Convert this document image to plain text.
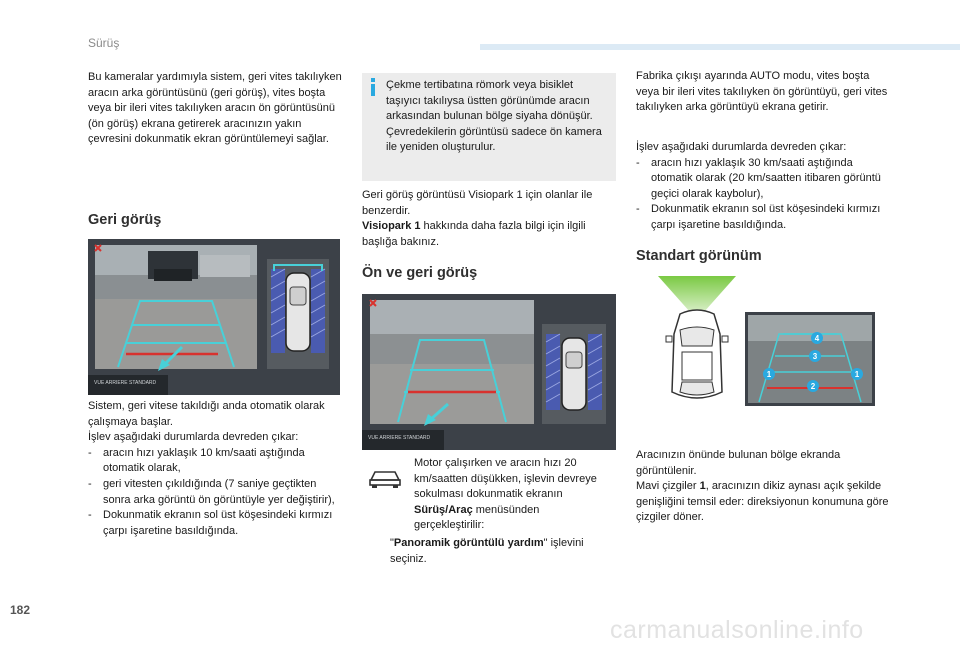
Sürüş

Bu kameralar yardımıyla sistem, geri vites takılıyken aracın arka görüntüsünü (geri görüş), vites boşta veya bir ileri vites takılıyken aracın ön görüntüsünü (ön görüş) ekrana getirerek aracınızın yakın çevresini dokunmatik ekran görüntülemeyi sağlar.

Geri görüş
VUE ARRIERE STANDARD

Sistem, geri vitese takıldığı anda otomatik olarak çalışmaya başlar.

İşlev aşağıdaki durumlarda devreden çıkar:

- aracın hızı yaklaşık 10 km/saati aştığında otomatik olarak,
- geri vitesten çıkıldığında (7 saniye geçtikten sonra arka görüntü ön görüntüyle yer değiştirir),
- Dokunmatik ekranın sol üst köşesindeki kırmızı çarpı işaretine basıldığında.

Çekme tertibatına römork veya bisiklet taşıyıcı takılıysa üstten görünümde aracın arkasından bulunan bölge siyaha dönüşür. Çevredekilerin görüntüsü sadece ön kamera ile yeniden oluşturulur.

Geri görüş görüntüsü Visiopark 1 için olanlar ile benzerdir.

Visiopark 1 hakkında daha fazla bilgi için ilgili başlığa bakınız.

Ön ve geri görüş
VUE ARRIERE STANDARD

Motor çalışırken ve aracın hızı 20 km/saatten düşükken, işlevin devreye sokulması dokunmatik ekranın Sürüş/Araç menüsünden gerçekleştirilir:

"Panoramik görüntülü yardım" işlevini seçiniz.

Fabrika çıkışı ayarında AUTO modu, vites boşta veya bir ileri vites takılıyken ön görüntüyü, geri vites takılıyken arka görüntüyü ekrana getirir.

İşlev aşağıdaki durumlarda devreden çıkar:

- aracın hızı yaklaşık 30 km/saati aştığında otomatik olarak (20 km/saatten itibaren görüntü geçici olarak kaybolur),
- Dokunmatik ekranın sol üst köşesindeki kırmızı çarpı işaretine basıldığında.
Standart görünüm
4
3
1
2
1

Aracınızın önünde bulunan bölge ekranda görüntülenir.

Mavi çizgiler 1, aracınızın dikiz aynası açık şekilde genişliğini temsil eder: direksiyonun konumuna göre çizgiler döner.

182
carmanualsonline.info
